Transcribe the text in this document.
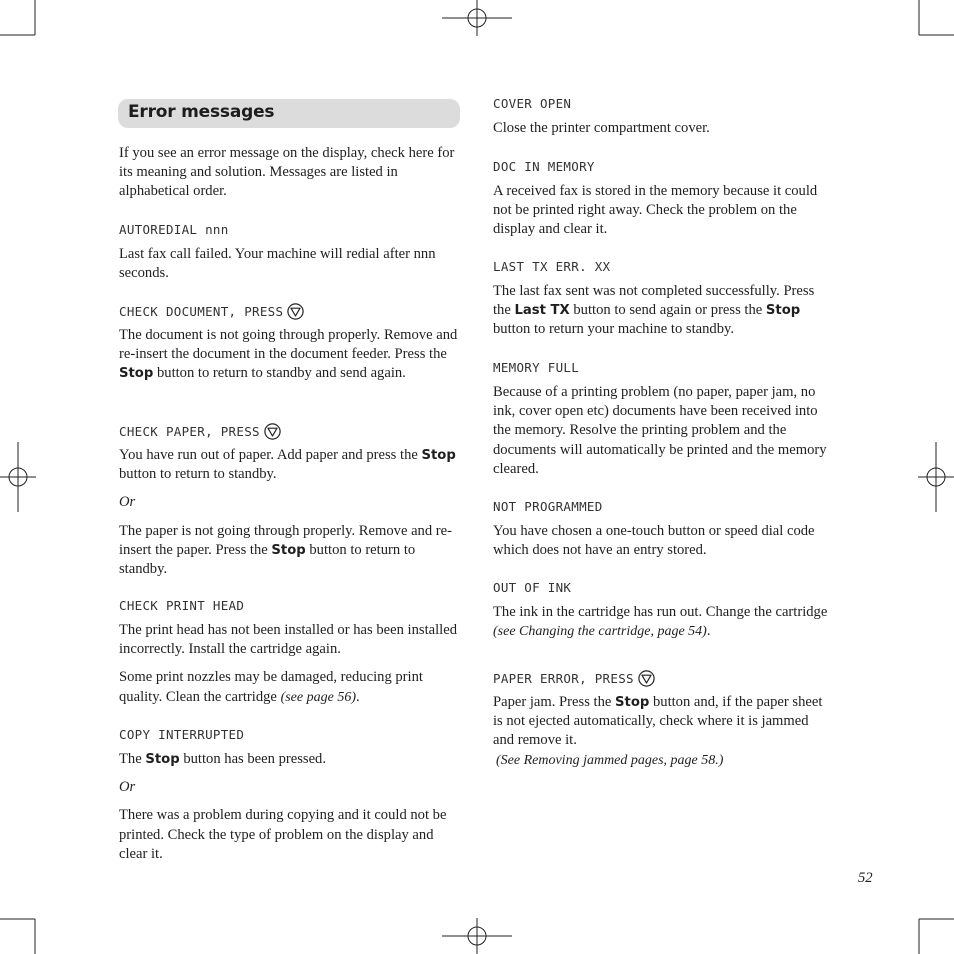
Error messages

If you see an error message on the display, check here for its meaning and solution. Messages are listed in alphabetical order.

AUTOREDIAL nnn

Last fax call failed. Your machine will redial after nnn seconds.

CHECK DOCUMENT, PRESS

The document is not going through properly. Remove and re-insert the document in the document feeder. Press the Stop button to return to standby and send again.

CHECK PAPER, PRESS

You have run out of paper. Add paper and press the Stop button to return to standby.

Or

The paper is not going through properly. Remove and re-insert the paper. Press the Stop button to return to standby.

CHECK PRINT HEAD

The print head has not been installed or has been installed incorrectly. Install the cartridge again.

Some print nozzles may be damaged, reducing print quality. Clean the cartridge (see page 56).

COPY INTERRUPTED

The Stop button has been pressed.

Or

There was a problem during copying and it could not be printed. Check the type of problem on the display and clear it.

COVER OPEN

Close the printer compartment cover.

DOC IN MEMORY

A received fax is stored in the memory because it could not be printed right away. Check the problem on the display and clear it.

LAST TX ERR. XX

The last fax sent was not completed successfully. Press the Last TX button to send again or press the Stop button to return your machine to standby.

MEMORY FULL

Because of a printing problem (no paper, paper jam, no ink, cover open etc) documents have been received into the memory. Resolve the printing problem and the documents will automatically be printed and the memory cleared.

NOT PROGRAMMED

You have chosen a one-touch button or speed dial code which does not have an entry stored.

OUT OF INK

The ink in the cartridge has run out. Change the cartridge (see Changing the cartridge, page 54).

PAPER ERROR, PRESS

Paper jam. Press the Stop button and, if the paper sheet is not ejected automatically, check where it is jammed and remove it.

(See Removing jammed pages, page 58.)

52
